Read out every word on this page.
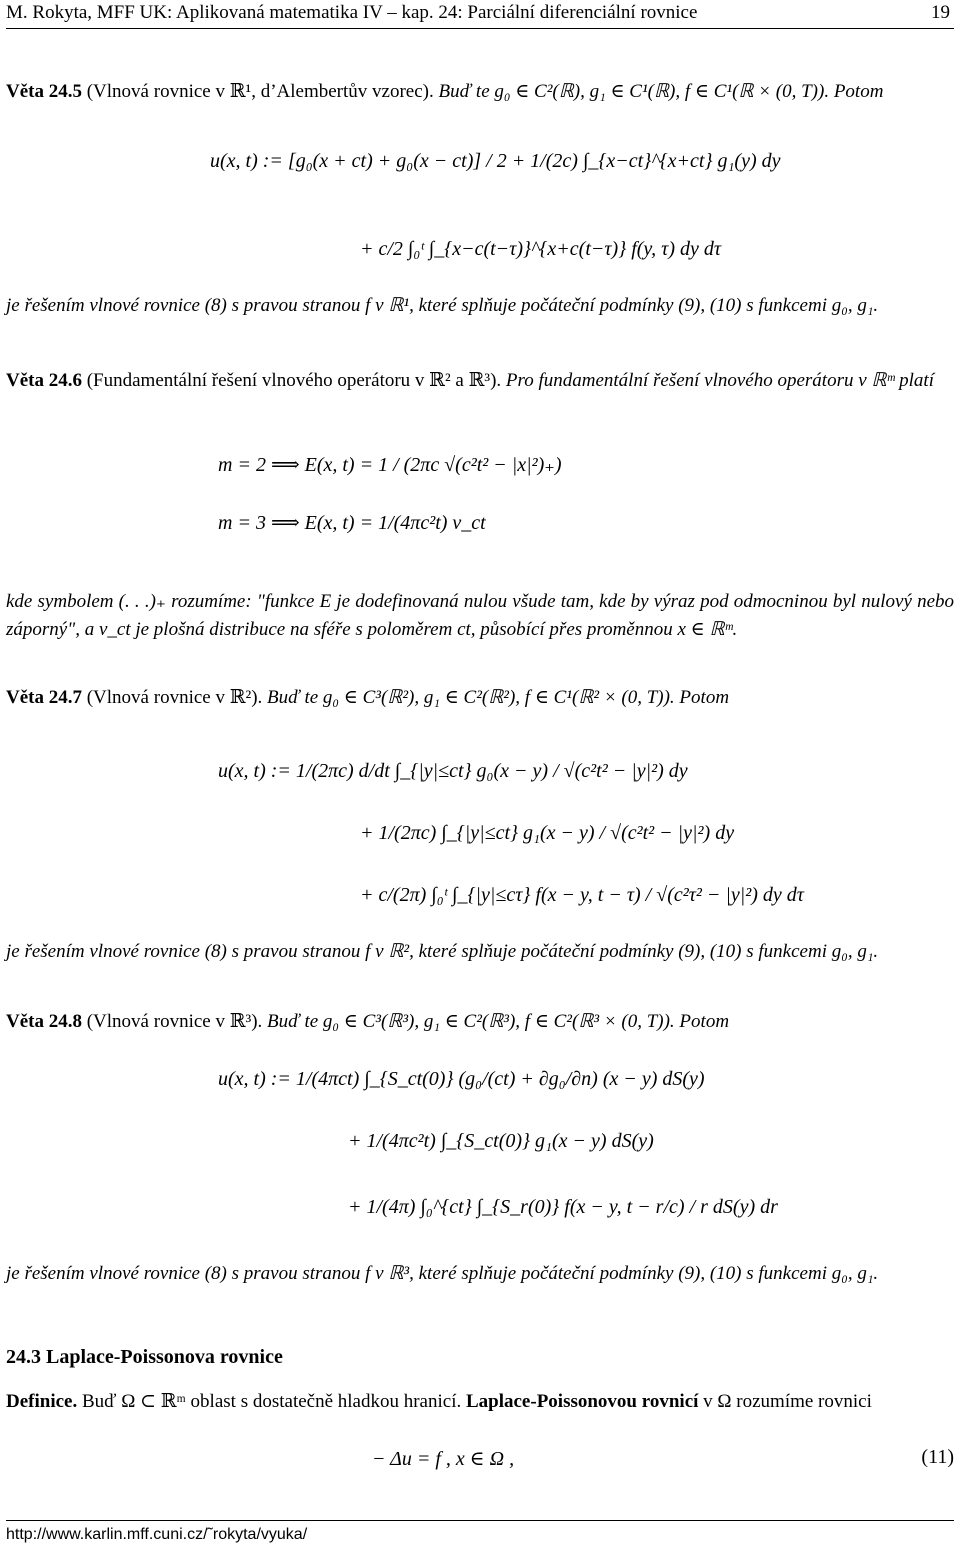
M. Rokyta, MFF UK: Aplikovaná matematika IV – kap. 24: Parciální diferenciální rovnice	19
Věta 24.5 (Vlnová rovnice v ℝ¹, d’Alembertův vzorec). Buď te g₀ ∈ C²(ℝ), g₁ ∈ C¹(ℝ), f ∈ C¹(ℝ × (0, T)). Potom
u(x, t) := [g₀(x + ct) + g₀(x − ct)] / 2 + 1/(2c) ∫_{x−ct}^{x+ct} g₁(y) dy
+ c/2 ∫₀ᵗ ∫_{x−c(t−τ)}^{x+c(t−τ)} f(y, τ) dy dτ
je řešením vlnové rovnice (8) s pravou stranou f v ℝ¹, které splňuje počáteční podmínky (9), (10) s funkcemi g₀, g₁.
Věta 24.6 (Fundamentální řešení vlnového operátoru v ℝ² a ℝ³). Pro fundamentální řešení vlnového operátoru v ℝᵐ platí
m = 2 ⟹ E(x, t) = 1 / (2πc √(c²t² − |x|²)₊)
m = 3 ⟹ E(x, t) = 1/(4πc²t) ν_ct
kde symbolem (. . .)₊ rozumíme: "funkce E je dodefinovaná nulou všude tam, kde by výraz pod odmocninou byl nulový nebo záporný", a ν_ct je plošná distribuce na sféře s poloměrem ct, působící přes proměnnou x ∈ ℝᵐ.
Věta 24.7 (Vlnová rovnice v ℝ²). Buď te g₀ ∈ C³(ℝ²), g₁ ∈ C²(ℝ²), f ∈ C¹(ℝ² × (0, T)). Potom
u(x, t) := 1/(2πc) d/dt ∫_{|y|≤ct} g₀(x − y) / √(c²t² − |y|²) dy
+ 1/(2πc) ∫_{|y|≤ct} g₁(x − y) / √(c²t² − |y|²) dy
+ c/(2π) ∫₀ᵗ ∫_{|y|≤cτ} f(x − y, t − τ) / √(c²τ² − |y|²) dy dτ
je řešením vlnové rovnice (8) s pravou stranou f v ℝ², které splňuje počáteční podmínky (9), (10) s funkcemi g₀, g₁.
Věta 24.8 (Vlnová rovnice v ℝ³). Buď te g₀ ∈ C³(ℝ³), g₁ ∈ C²(ℝ³), f ∈ C²(ℝ³ × (0, T)). Potom
u(x, t) := 1/(4πct) ∫_{S_ct(0)} (g₀/(ct) + ∂g₀/∂n) (x − y) dS(y)
+ 1/(4πc²t) ∫_{S_ct(0)} g₁(x − y) dS(y)
+ 1/(4π) ∫₀^{ct} ∫_{S_r(0)} f(x − y, t − r/c) / r dS(y) dr
je řešením vlnové rovnice (8) s pravou stranou f v ℝ³, které splňuje počáteční podmínky (9), (10) s funkcemi g₀, g₁.
24.3 Laplace-Poissonova rovnice
Definice. Buď Ω ⊂ ℝᵐ oblast s dostatečně hladkou hranicí. Laplace-Poissonovou rovnicí v Ω rozumíme rovnici
− Δu = f , x ∈ Ω ,	(11)
http://www.karlin.mff.cuni.cz/˜rokyta/vyuka/
